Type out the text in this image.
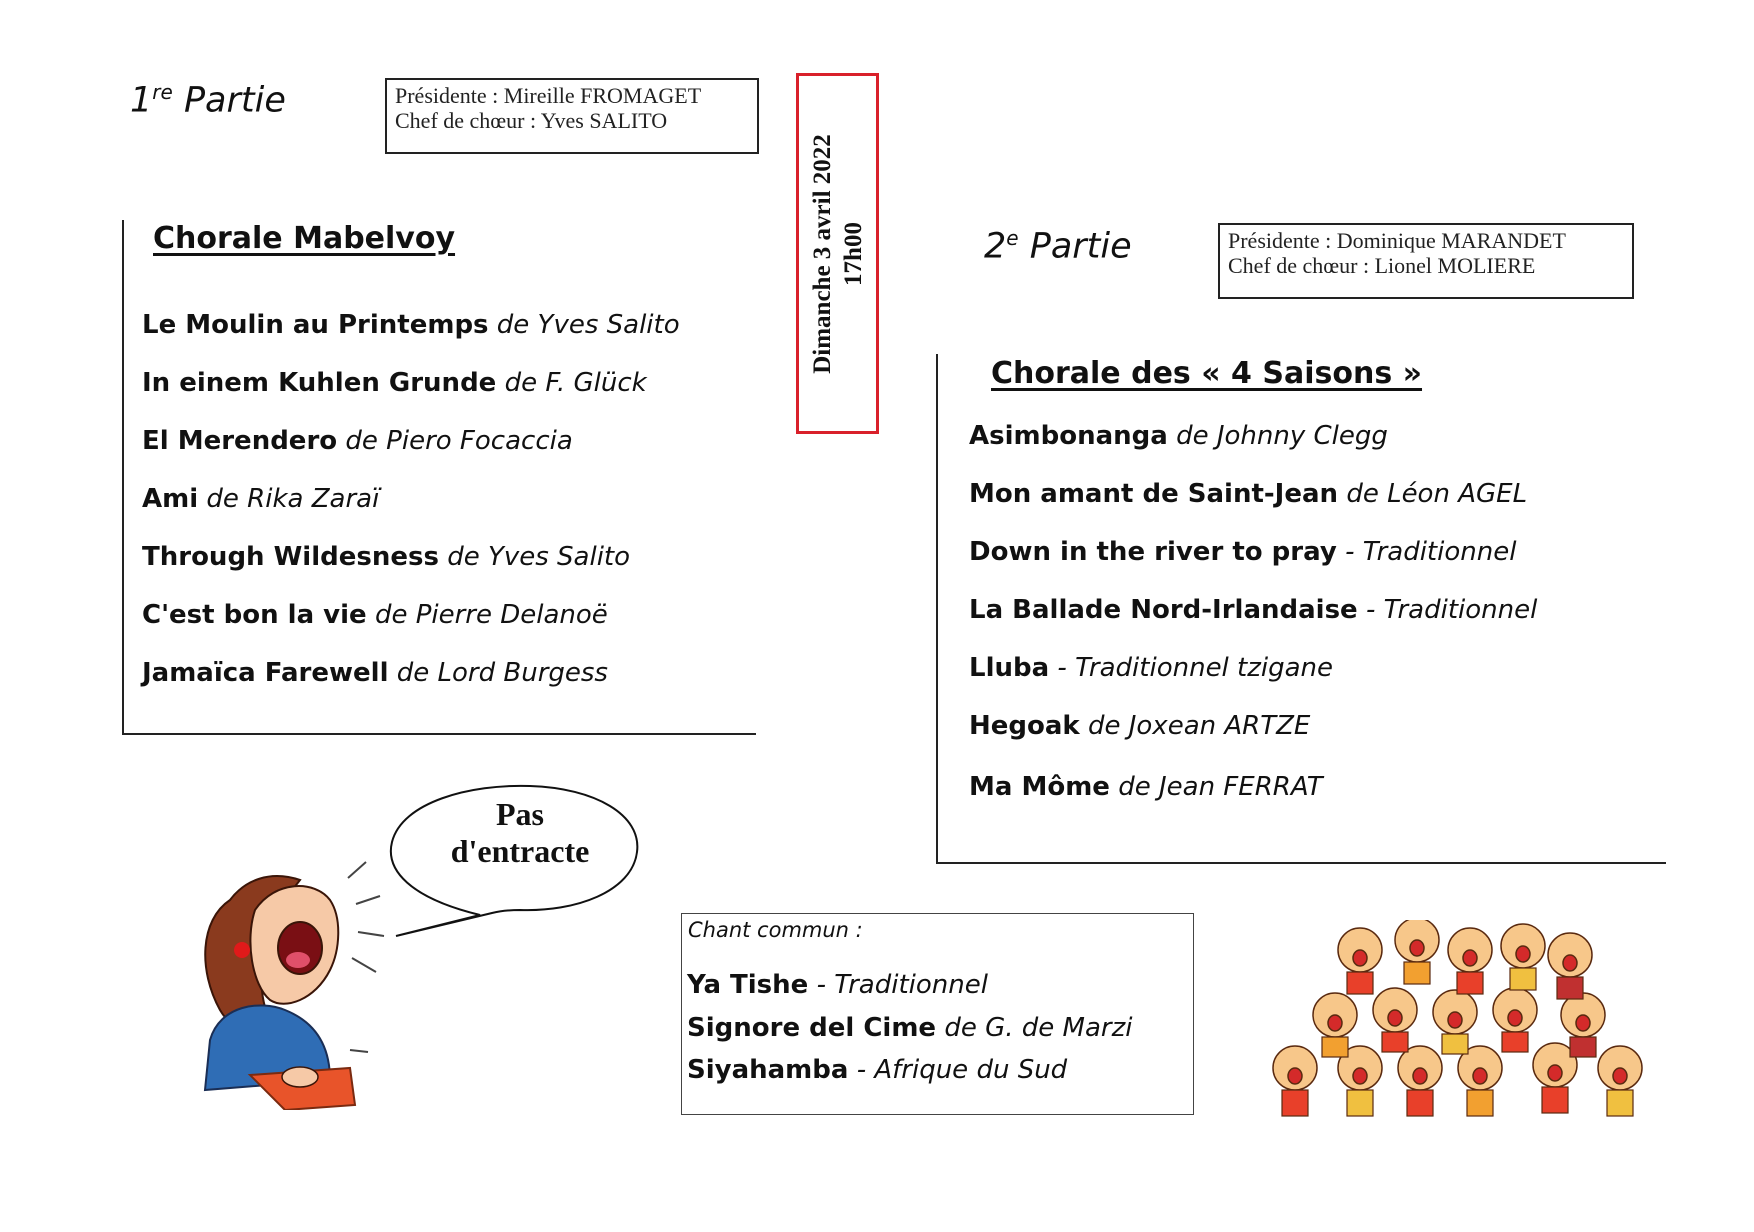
1re Partie	Présidente : Mireille FROMAGET
Chef de chœur : Yves SALITO
Chorale Mabelvoy
Le Moulin au Printemps de Yves Salito
In einem Kuhlen Grunde de F. Glück
El Merendero de Piero Focaccia
Ami de Rika Zaraï
Through Wildesness de Yves Salito
C'est bon la vie de Pierre Delanoë
Jamaïca Farewell de Lord Burgess
Dimanche 3 avril 2022 17h00	2e Partie	Présidente : Dominique MARANDET
Chef de chœur : Lionel MOLIERE
Chorale des « 4 Saisons »
Asimbonanga de Johnny Clegg
Mon amant de Saint-Jean de Léon AGEL
Down in the river to pray - Traditionnel
La Ballade Nord-Irlandaise - Traditionnel
Lluba - Traditionnel tzigane
Hegoak de Joxean ARTZE
Ma Môme de Jean FERRAT
Pas
d'entracte
Chant commun :
Ya Tishe - Traditionnel
Signore del Cime de G. de Marzi
Siyahamba - Afrique du Sud
